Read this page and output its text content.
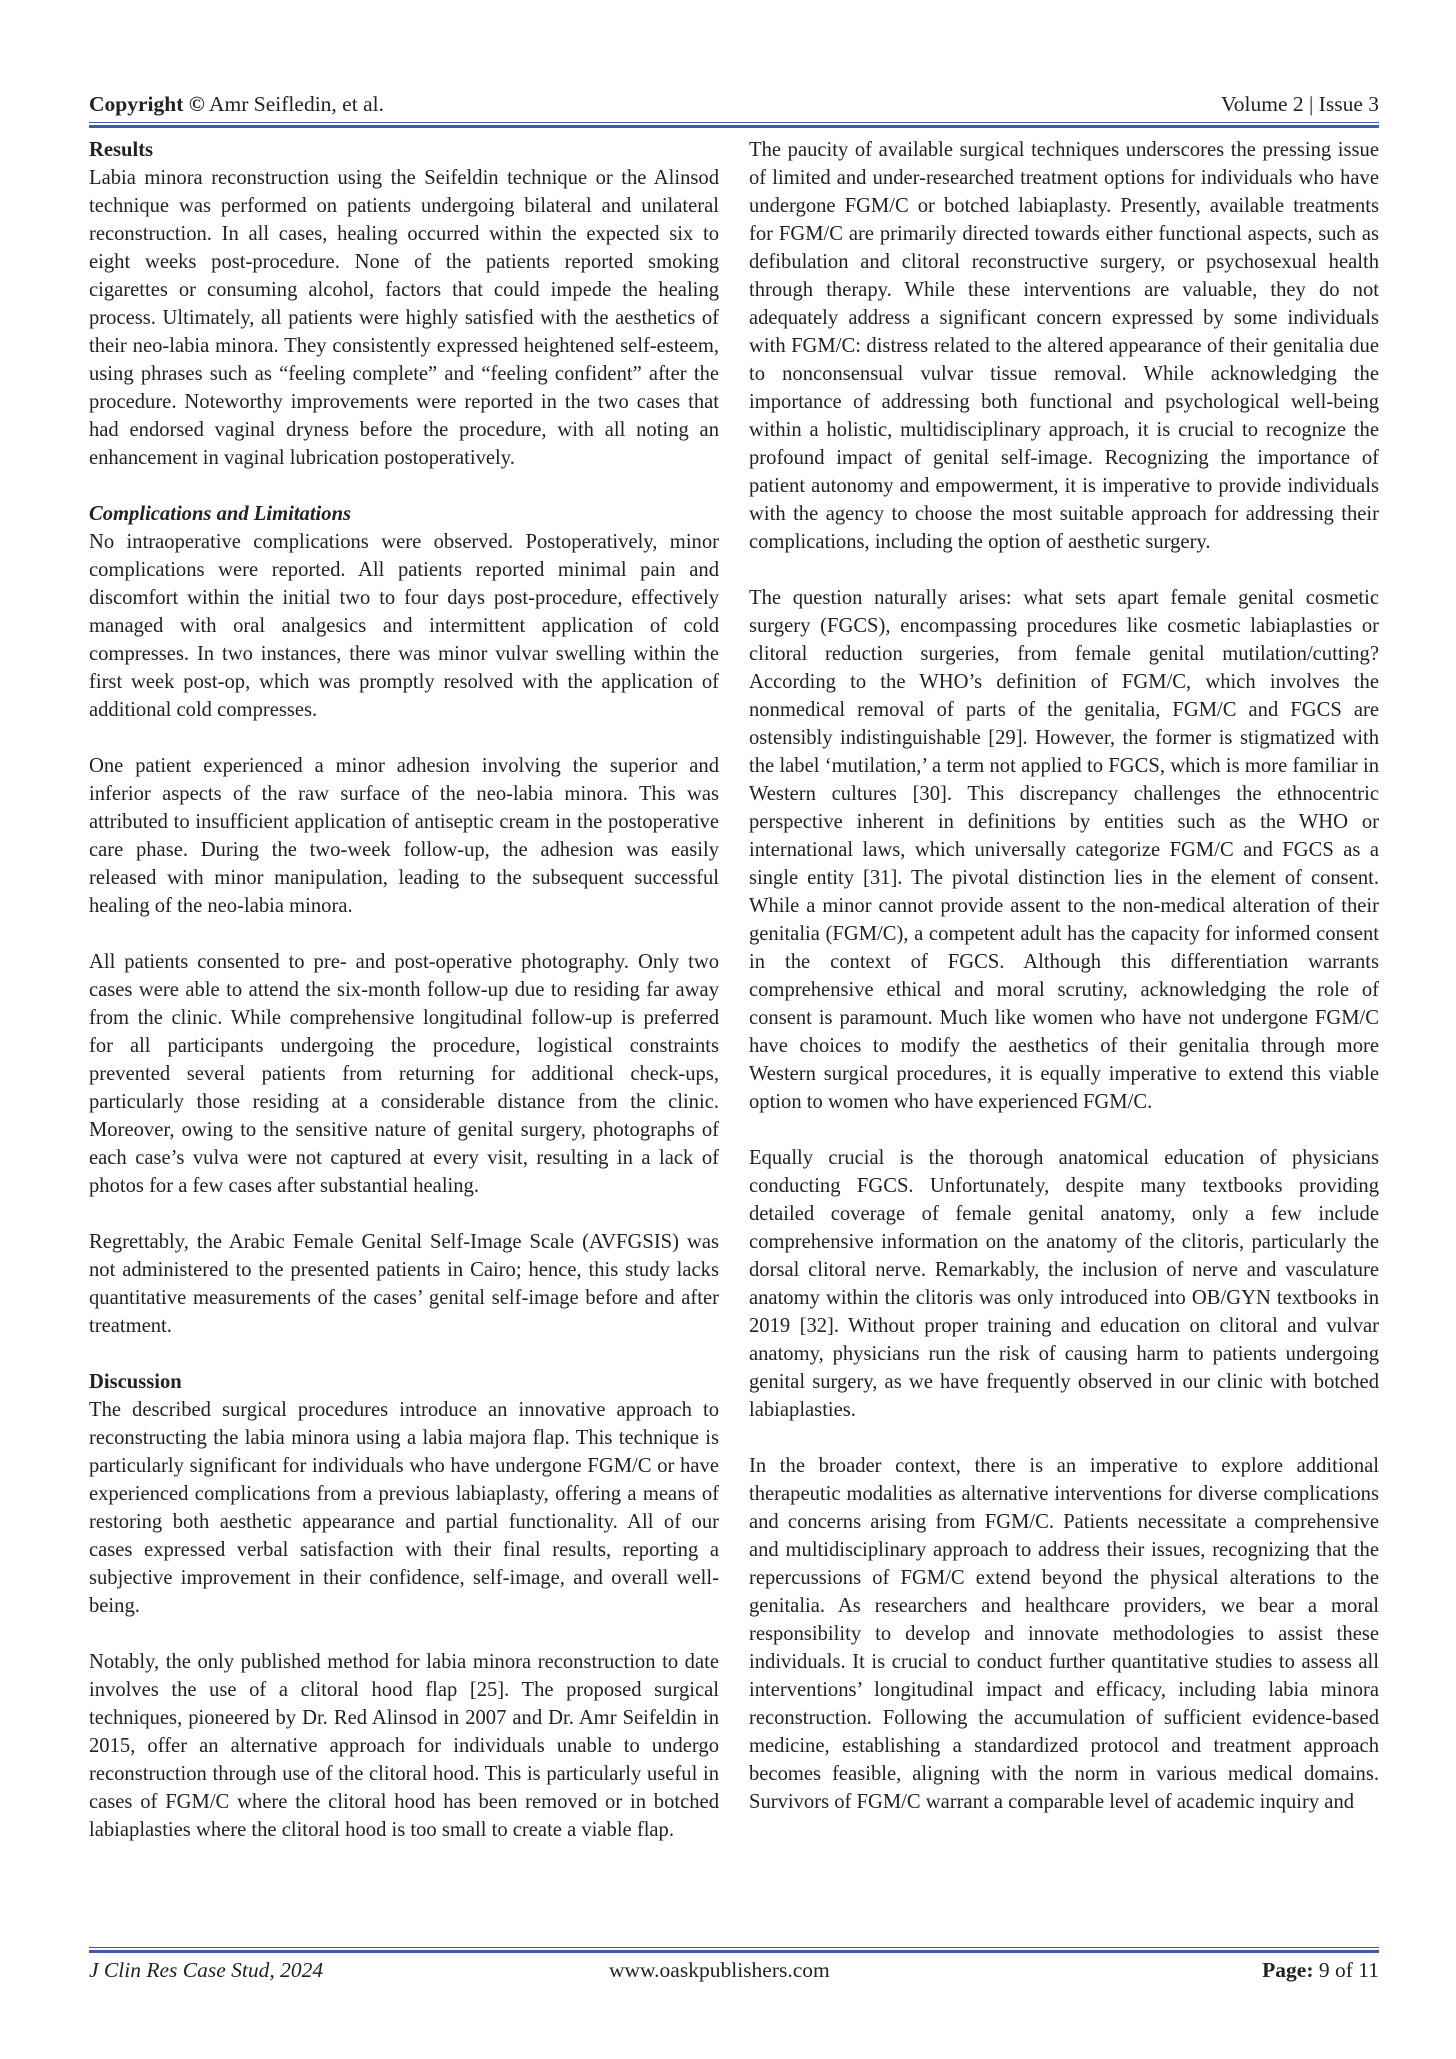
Copyright © Amr Seifledin, et al.	Volume 2 | Issue 3

Results
Labia minora reconstruction using the Seifeldin technique or the Alinsod technique was performed on patients undergoing bilateral and unilateral reconstruction. In all cases, healing occurred within the expected six to eight weeks post-procedure. None of the patients reported smoking cigarettes or consuming alcohol, factors that could impede the healing process. Ultimately, all patients were highly satisfied with the aesthetics of their neo-labia minora. They consistently expressed heightened self-esteem, using phrases such as “feeling complete” and “feeling confident” after the procedure. Noteworthy improvements were reported in the two cases that had endorsed vaginal dryness before the procedure, with all noting an enhancement in vaginal lubrication postoperatively.

Complications and Limitations
No intraoperative complications were observed. Postoperatively, minor complications were reported. All patients reported minimal pain and discomfort within the initial two to four days post-procedure, effectively managed with oral analgesics and intermittent application of cold compresses. In two instances, there was minor vulvar swelling within the first week post-op, which was promptly resolved with the application of additional cold compresses.

One patient experienced a minor adhesion involving the superior and inferior aspects of the raw surface of the neo-labia minora. This was attributed to insufficient application of antiseptic cream in the postoperative care phase. During the two-week follow-up, the adhesion was easily released with minor manipulation, leading to the subsequent successful healing of the neo-labia minora.

All patients consented to pre- and post-operative photography. Only two cases were able to attend the six-month follow-up due to residing far away from the clinic. While comprehensive longitudinal follow-up is preferred for all participants undergoing the procedure, logistical constraints prevented several patients from returning for additional check-ups, particularly those residing at a considerable distance from the clinic. Moreover, owing to the sensitive nature of genital surgery, photographs of each case’s vulva were not captured at every visit, resulting in a lack of photos for a few cases after substantial healing.

Regrettably, the Arabic Female Genital Self-Image Scale (AVFGSIS) was not administered to the presented patients in Cairo; hence, this study lacks quantitative measurements of the cases’ genital self-image before and after treatment.

Discussion
The described surgical procedures introduce an innovative approach to reconstructing the labia minora using a labia majora flap. This technique is particularly significant for individuals who have undergone FGM/C or have experienced complications from a previous labiaplasty, offering a means of restoring both aesthetic appearance and partial functionality. All of our cases expressed verbal satisfaction with their final results, reporting a subjective improvement in their confidence, self-image, and overall well-being.

Notably, the only published method for labia minora reconstruction to date involves the use of a clitoral hood flap [25]. The proposed surgical techniques, pioneered by Dr. Red Alinsod in 2007 and Dr. Amr Seifeldin in 2015, offer an alternative approach for individuals unable to undergo reconstruction through use of the clitoral hood. This is particularly useful in cases of FGM/C where the clitoral hood has been removed or in botched labiaplasties where the clitoral hood is too small to create a viable flap.

The paucity of available surgical techniques underscores the pressing issue of limited and under-researched treatment options for individuals who have undergone FGM/C or botched labiaplasty. Presently, available treatments for FGM/C are primarily directed towards either functional aspects, such as defibulation and clitoral reconstructive surgery, or psychosexual health through therapy. While these interventions are valuable, they do not adequately address a significant concern expressed by some individuals with FGM/C: distress related to the altered appearance of their genitalia due to nonconsensual vulvar tissue removal. While acknowledging the importance of addressing both functional and psychological well-being within a holistic, multidisciplinary approach, it is crucial to recognize the profound impact of genital self-image. Recognizing the importance of patient autonomy and empowerment, it is imperative to provide individuals with the agency to choose the most suitable approach for addressing their complications, including the option of aesthetic surgery.

The question naturally arises: what sets apart female genital cosmetic surgery (FGCS), encompassing procedures like cosmetic labiaplasties or clitoral reduction surgeries, from female genital mutilation/cutting? According to the WHO’s definition of FGM/C, which involves the nonmedical removal of parts of the genitalia, FGM/C and FGCS are ostensibly indistinguishable [29]. However, the former is stigmatized with the label ‘mutilation,’ a term not applied to FGCS, which is more familiar in Western cultures [30]. This discrepancy challenges the ethnocentric perspective inherent in definitions by entities such as the WHO or international laws, which universally categorize FGM/C and FGCS as a single entity [31]. The pivotal distinction lies in the element of consent. While a minor cannot provide assent to the non-medical alteration of their genitalia (FGM/C), a competent adult has the capacity for informed consent in the context of FGCS. Although this differentiation warrants comprehensive ethical and moral scrutiny, acknowledging the role of consent is paramount. Much like women who have not undergone FGM/C have choices to modify the aesthetics of their genitalia through more Western surgical procedures, it is equally imperative to extend this viable option to women who have experienced FGM/C.

Equally crucial is the thorough anatomical education of physicians conducting FGCS. Unfortunately, despite many textbooks providing detailed coverage of female genital anatomy, only a few include comprehensive information on the anatomy of the clitoris, particularly the dorsal clitoral nerve. Remarkably, the inclusion of nerve and vasculature anatomy within the clitoris was only introduced into OB/GYN textbooks in 2019 [32]. Without proper training and education on clitoral and vulvar anatomy, physicians run the risk of causing harm to patients undergoing genital surgery, as we have frequently observed in our clinic with botched labiaplasties.

In the broader context, there is an imperative to explore additional therapeutic modalities as alternative interventions for diverse complications and concerns arising from FGM/C. Patients necessitate a comprehensive and multidisciplinary approach to address their issues, recognizing that the repercussions of FGM/C extend beyond the physical alterations to the genitalia. As researchers and healthcare providers, we bear a moral responsibility to develop and innovate methodologies to assist these individuals. It is crucial to conduct further quantitative studies to assess all interventions’ longitudinal impact and efficacy, including labia minora reconstruction. Following the accumulation of sufficient evidence-based medicine, establishing a standardized protocol and treatment approach becomes feasible, aligning with the norm in various medical domains. Survivors of FGM/C warrant a comparable level of academic inquiry and

J Clin Res Case Stud, 2024	www.oaskpublishers.com	Page: 9 of 11
